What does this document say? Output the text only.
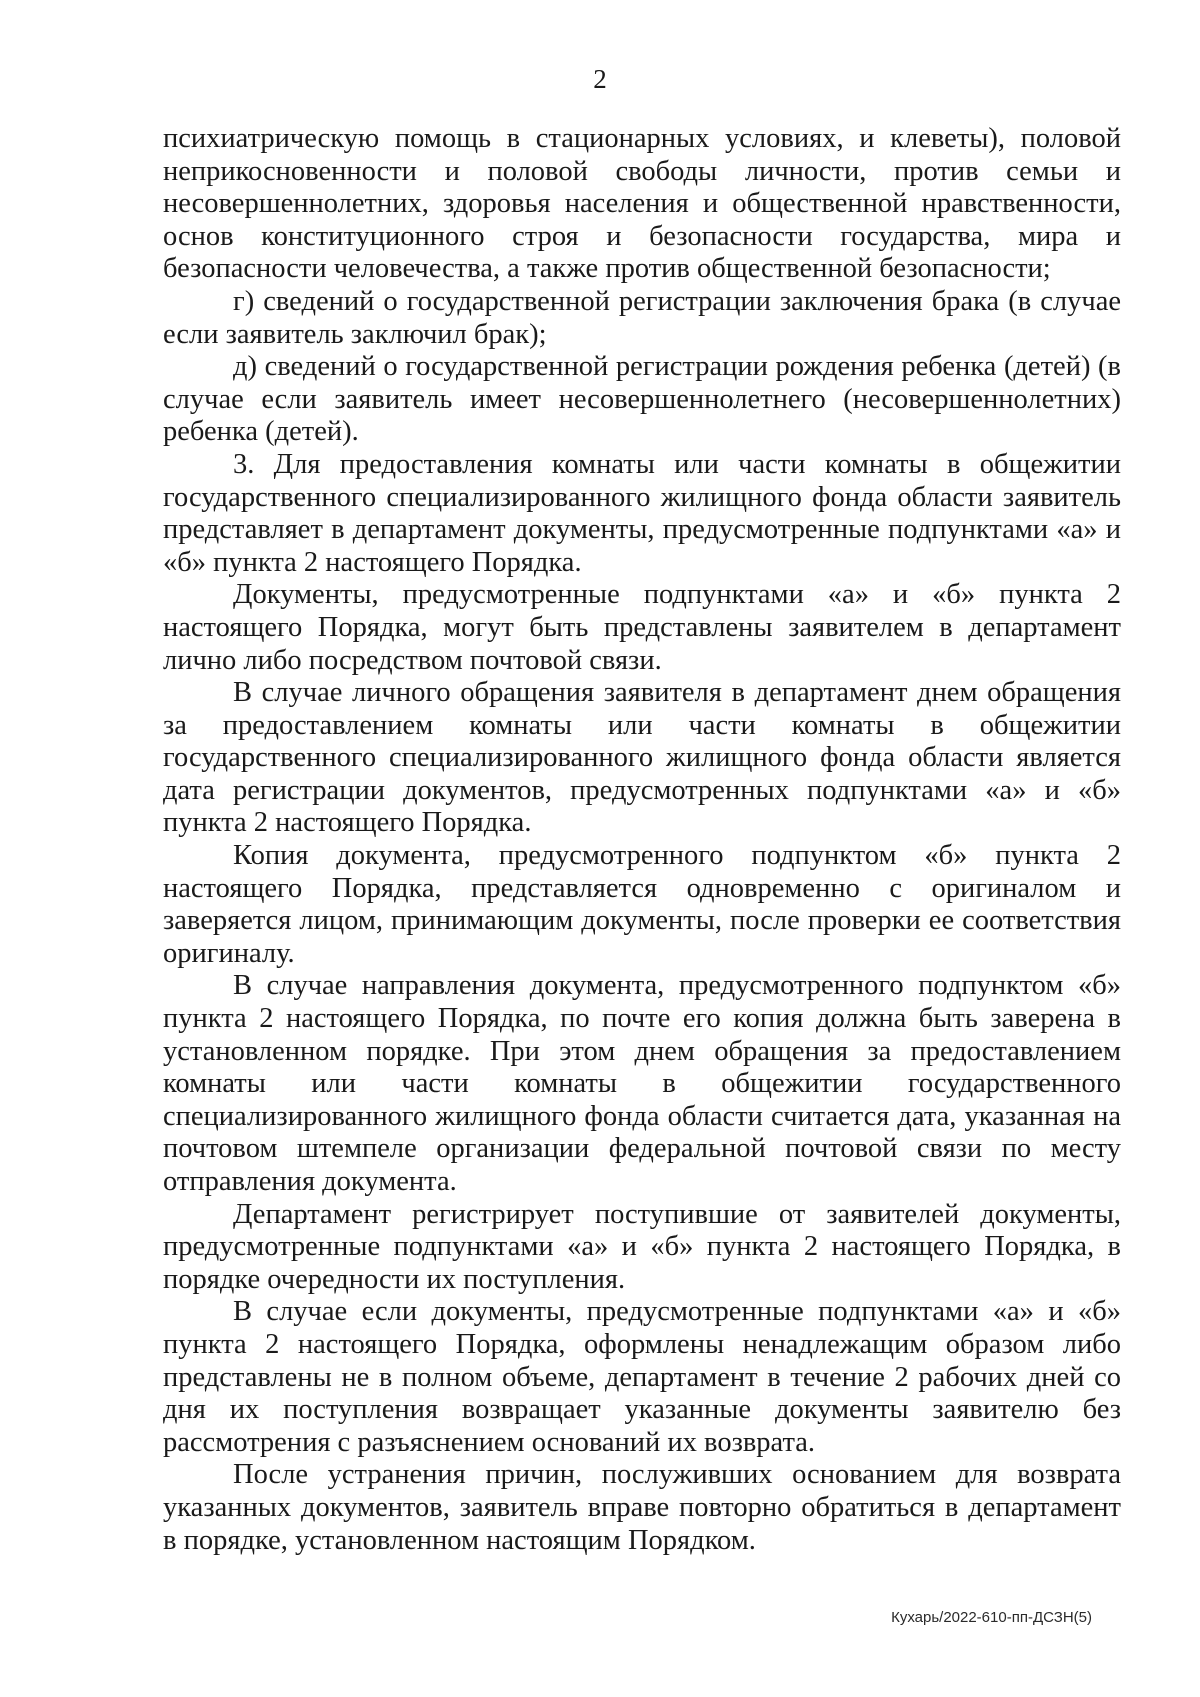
2

психиатрическую помощь в стационарных условиях, и клеветы), половой неприкосновенности и половой свободы личности, против семьи и несовершеннолетних, здоровья населения и общественной нравственности, основ конституционного строя и безопасности государства, мира и безопасности человечества, а также против общественной безопасности;

г) сведений о государственной регистрации заключения брака (в случае если заявитель заключил брак);

д) сведений о государственной регистрации рождения ребенка (детей) (в случае если заявитель имеет несовершеннолетнего (несовершеннолетних) ребенка (детей).

3. Для предоставления комнаты или части комнаты в общежитии государственного специализированного жилищного фонда области заявитель представляет в департамент документы, предусмотренные подпунктами «а» и «б» пункта 2 настоящего Порядка.

Документы, предусмотренные подпунктами «а» и «б» пункта 2 настоящего Порядка, могут быть представлены заявителем в департамент лично либо посредством почтовой связи.

В случае личного обращения заявителя в департамент днем обращения за предоставлением комнаты или части комнаты в общежитии государственного специализированного жилищного фонда области является дата регистрации документов, предусмотренных подпунктами «а» и «б» пункта 2 настоящего Порядка.

Копия документа, предусмотренного подпунктом «б» пункта 2 настоящего Порядка, представляется одновременно с оригиналом и заверяется лицом, принимающим документы, после проверки ее соответствия оригиналу.

В случае направления документа, предусмотренного подпунктом «б» пункта 2 настоящего Порядка, по почте его копия должна быть заверена в установленном порядке. При этом днем обращения за предоставлением комнаты или части комнаты в общежитии государственного специализированного жилищного фонда области считается дата, указанная на почтовом штемпеле организации федеральной почтовой связи по месту отправления документа.

Департамент регистрирует поступившие от заявителей документы, предусмотренные подпунктами «а» и «б» пункта 2 настоящего Порядка, в порядке очередности их поступления.

В случае если документы, предусмотренные подпунктами «а» и «б» пункта 2 настоящего Порядка, оформлены ненадлежащим образом либо представлены не в полном объеме, департамент в течение 2 рабочих дней со дня их поступления возвращает указанные документы заявителю без рассмотрения с разъяснением оснований их возврата.

После устранения причин, послуживших основанием для возврата указанных документов, заявитель вправе повторно обратиться в департамент в порядке, установленном настоящим Порядком.

Кухарь/2022-610-пп-ДСЗН(5)
